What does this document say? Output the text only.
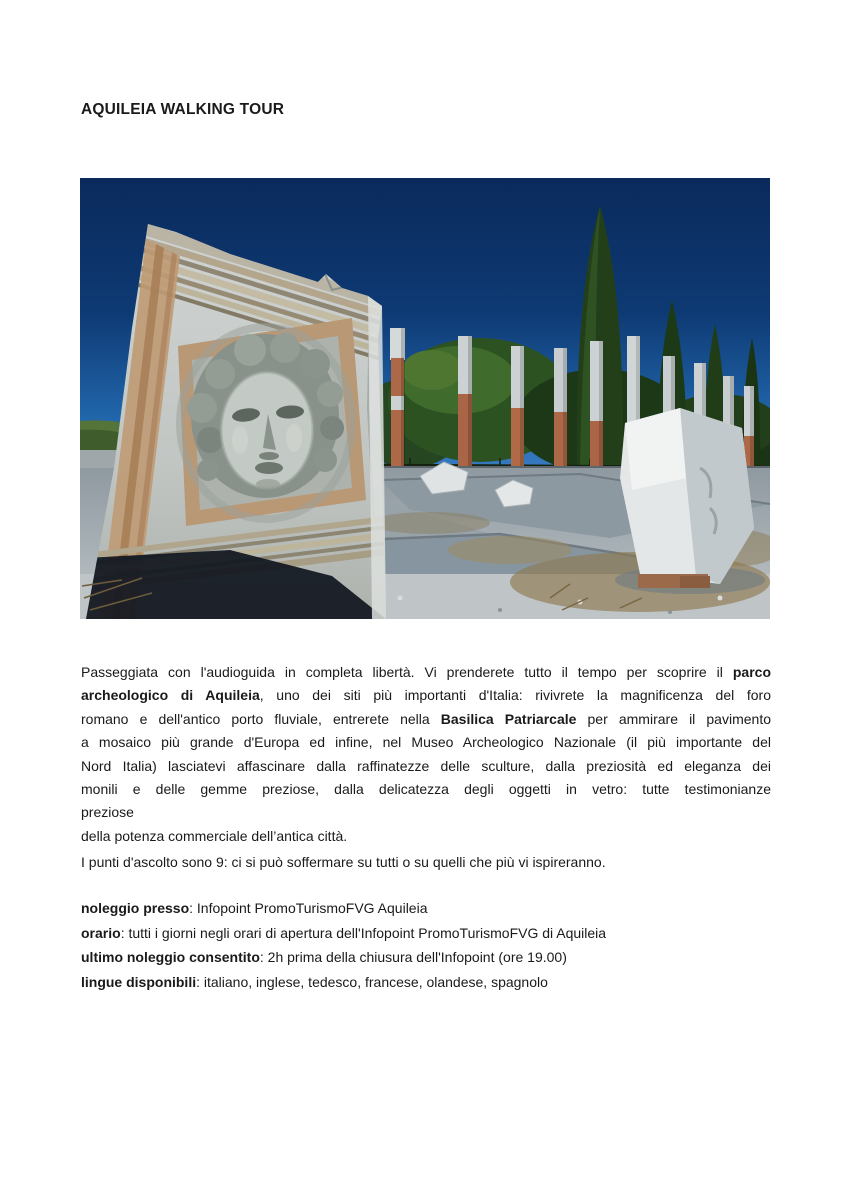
AQUILEIA WALKING TOUR
Passeggiata con l'audioguida in completa libertà. Vi prenderete tutto il tempo per scoprire il parco
archeologico di Aquileia, uno dei siti più importanti d'Italia: rivivrete la magnificenza del foro
romano e dell'antico porto fluviale, entrerete nella Basilica Patriarcale per ammirare il pavimento
a mosaico più grande d'Europa ed infine, nel Museo Archeologico Nazionale (il più importante del
Nord Italia) lasciatevi affascinare dalla raffinatezze delle sculture, dalla preziosità ed eleganza dei
monili e delle gemme preziose, dalla delicatezza degli oggetti in vetro: tutte testimonianze
preziose
della potenza commerciale dell’antica città.
I punti d'ascolto sono 9: ci si può soffermare su tutti o su quelli che più vi ispireranno.
noleggio presso: Infopoint PromoTurismoFVG Aquileia
orario: tutti i giorni negli orari di apertura dell'Infopoint PromoTurismoFVG di Aquileia
ultimo noleggio consentito: 2h prima della chiusura dell'Infopoint (ore 19.00)
lingue disponibili: italiano, inglese, tedesco, francese, olandese, spagnolo
